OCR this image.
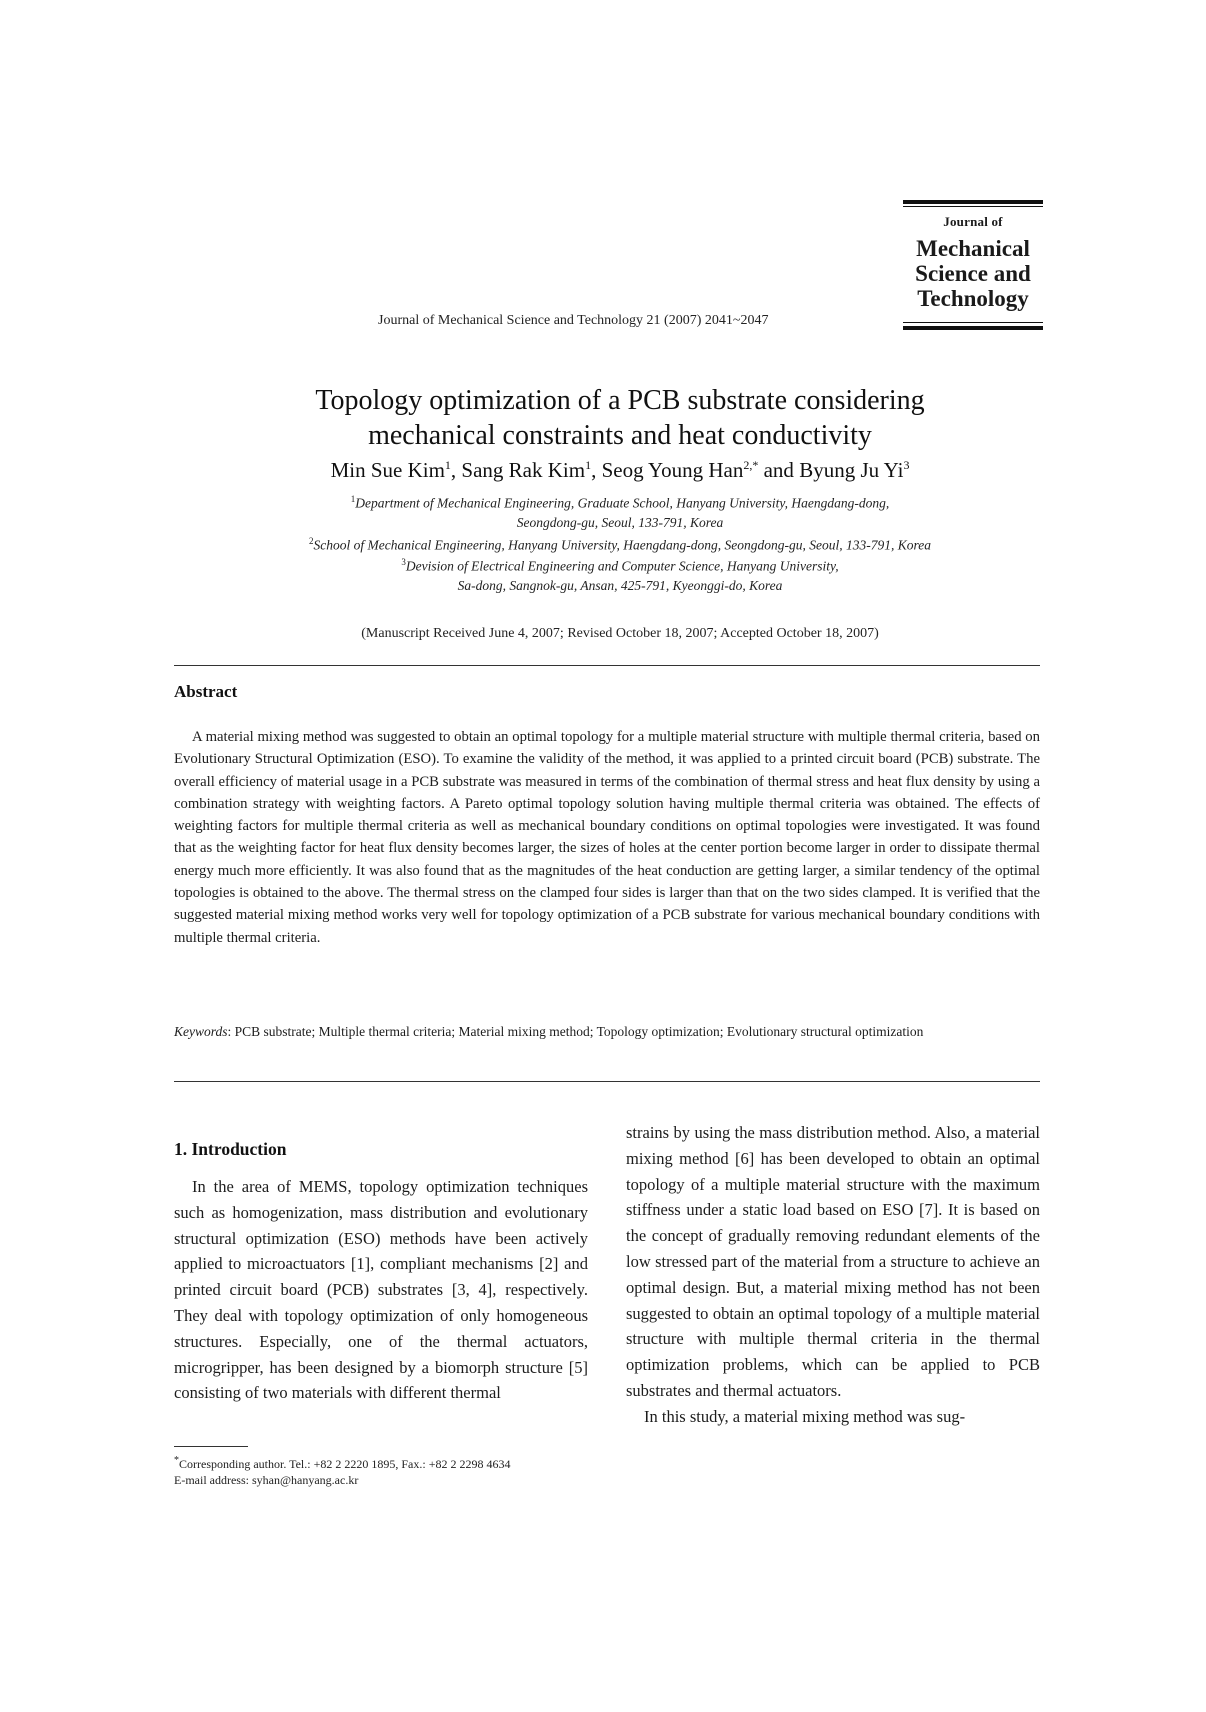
Journal of
Mechanical
Science and
Technology
Journal of Mechanical Science and Technology 21 (2007) 2041~2047
Topology optimization of a PCB substrate considering
mechanical constraints and heat conductivity
Min Sue Kim$^1$, Sang Rak Kim$^1$, Seog Young Han$^{2,*}$ and Byung Ju Yi$^3$
$^1$Department of Mechanical Engineering, Graduate School, Hanyang University, Haengdang-dong,
Seongdong-gu, Seoul, 133-791, Korea
$^2$School of Mechanical Engineering, Hanyang University, Haengdang-dong, Seongdong-gu, Seoul, 133-791, Korea
$^3$Devision of Electrical Engineering and Computer Science, Hanyang University,
Sa-dong, Sangnok-gu, Ansan, 425-791, Kyeonggi-do, Korea
(Manuscript Received June 4, 2007; Revised October 18, 2007; Accepted October 18, 2007)
Abstract
A material mixing method was suggested to obtain an optimal topology for a multiple material structure with multiple thermal criteria, based on Evolutionary Structural Optimization (ESO). To examine the validity of the method, it was applied to a printed circuit board (PCB) substrate. The overall efficiency of material usage in a PCB substrate was measured in terms of the combination of thermal stress and heat flux density by using a combination strategy with weighting factors. A Pareto optimal topology solution having multiple thermal criteria was obtained. The effects of weighting factors for multiple thermal criteria as well as mechanical boundary conditions on optimal topologies were investigated. It was found that as the weighting factor for heat flux density becomes larger, the sizes of holes at the center portion become larger in order to dissipate thermal energy much more efficiently. It was also found that as the magnitudes of the heat conduction are getting larger, a similar tendency of the optimal topologies is obtained to the above. The thermal stress on the clamped four sides is larger than that on the two sides clamped. It is verified that the suggested material mixing method works very well for topology optimization of a PCB substrate for various mechanical boundary conditions with multiple thermal criteria.
Keywords: PCB substrate; Multiple thermal criteria; Material mixing method; Topology optimization; Evolutionary structural optimization
1. Introduction

In the area of MEMS, topology optimization techniques such as homogenization, mass distribution and evolutionary structural optimization (ESO) methods have been actively applied to microactuators [1], compliant mechanisms [2] and printed circuit board (PCB) substrates [3, 4], respectively. They deal with topology optimization of only homogeneous structures. Especially, one of the thermal actuators, microgripper, has been designed by a biomorph structure [5] consisting of two materials with different thermal

strains by using the mass distribution method. Also, a material mixing method [6] has been developed to obtain an optimal topology of a multiple material structure with the maximum stiffness under a static load based on ESO [7]. It is based on the concept of gradually removing redundant elements of the low stressed part of the material from a structure to achieve an optimal design. But, a material mixing method has not been suggested to obtain an optimal topology of a multiple material structure with multiple thermal criteria in the thermal optimization problems, which can be applied to PCB substrates and thermal actuators.

In this study, a material mixing method was sug-

*Corresponding author. Tel.: +82 2 2220 1895, Fax.: +82 2 2298 4634
E-mail address: syhan@hanyang.ac.kr
